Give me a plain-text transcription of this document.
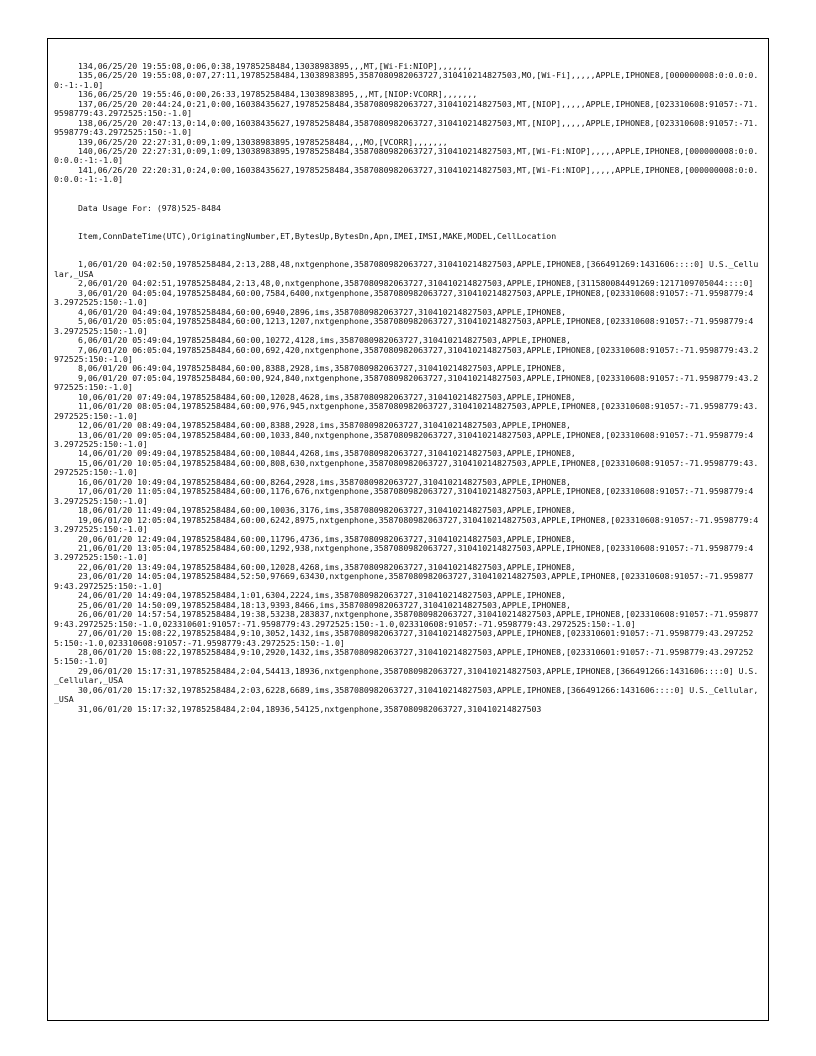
134,06/25/20 19:55:08,0:06,0:38,19785258484,13038983895,,,MT,[Wi-Fi:NIOP],,,,,,,
135,06/25/20 19:55:08,0:07,27:11,19785258484,13038983895,3587080982063727,310410214827503,MO,[Wi-Fi],,,,,APPLE,IPHONE8,[000000008:0:0.0:0.0:-1:-1.0]
136,06/25/20 19:55:46,0:00,26:33,19785258484,13038983895,,,MT,[NIOP:VCORR],,,,,,,
137,06/25/20 20:44:24,0:21,0:00,16038435627,19785258484,3587080982063727,310410214827503,MT,[NIOP],,,,,APPLE,IPHONE8,[023310608:91057:-71.9598779:43.2972525:150:-1.0]
138,06/25/20 20:47:13,0:14,0:00,16038435627,19785258484,3587080982063727,310410214827503,MT,[NIOP],,,,,APPLE,IPHONE8,[023310608:91057:-71.9598779:43.2972525:150:-1.0]
139,06/25/20 22:27:31,0:09,1:09,13038983895,19785258484,,,MO,[VCORR],,,,,,,
140,06/25/20 22:27:31,0:09,1:09,13038983895,19785258484,3587080982063727,310410214827503,MT,[Wi-Fi:NIOP],,,,,APPLE,IPHONE8,[000000008:0:0.0:0.0:-1:-1.0]
141,06/26/20 22:20:31,0:24,0:00,16038435627,19785258484,3587080982063727,310410214827503,MT,[Wi-Fi:NIOP],,,,,APPLE,IPHONE8,[000000008:0:0.0:0.0:-1:-1.0]

Data Usage For: (978)525-8484

Item,ConnDateTime(UTC),OriginatingNumber,ET,BytesUp,BytesDn,Apn,IMEI,IMSI,MAKE,MODEL,CellLocation

1,06/01/20 04:02:50,19785258484,2:13,288,48,nxtgenphone,3587080982063727,310410214827503,APPLE,IPHONE8,[366491269:1431606::::0] U.S._Cellular,_USA
2,06/01/20 04:02:51,19785258484,2:13,48,0,nxtgenphone,3587080982063727,310410214827503,APPLE,IPHONE8,[311580084491269:1217109705044::::0]
3,06/01/20 04:05:04,19785258484,60:00,7584,6400,nxtgenphone,3587080982063727,310410214827503,APPLE,IPHONE8,[023310608:91057:-71.9598779:43.2972525:150:-1.0]
4,06/01/20 04:49:04,19785258484,60:00,6940,2896,ims,3587080982063727,310410214827503,APPLE,IPHONE8,
5,06/01/20 05:05:04,19785258484,60:00,1213,1207,nxtgenphone,3587080982063727,310410214827503,APPLE,IPHONE8,[023310608:91057:-71.9598779:43.2972525:150:-1.0]
6,06/01/20 05:49:04,19785258484,60:00,10272,4128,ims,3587080982063727,310410214827503,APPLE,IPHONE8,
7,06/01/20 06:05:04,19785258484,60:00,692,420,nxtgenphone,3587080982063727,310410214827503,APPLE,IPHONE8,[023310608:91057:-71.9598779:43.2972525:150:-1.0]
8,06/01/20 06:49:04,19785258484,60:00,8388,2928,ims,3587080982063727,310410214827503,APPLE,IPHONE8,
9,06/01/20 07:05:04,19785258484,60:00,924,840,nxtgenphone,3587080982063727,310410214827503,APPLE,IPHONE8,[023310608:91057:-71.9598779:43.2972525:150:-1.0]
10,06/01/20 07:49:04,19785258484,60:00,12028,4628,ims,3587080982063727,310410214827503,APPLE,IPHONE8,
11,06/01/20 08:05:04,19785258484,60:00,976,945,nxtgenphone,3587080982063727,310410214827503,APPLE,IPHONE8,[023310608:91057:-71.9598779:43.2972525:150:-1.0]
12,06/01/20 08:49:04,19785258484,60:00,8388,2928,ims,3587080982063727,310410214827503,APPLE,IPHONE8,
13,06/01/20 09:05:04,19785258484,60:00,1033,840,nxtgenphone,3587080982063727,310410214827503,APPLE,IPHONE8,[023310608:91057:-71.9598779:43.2972525:150:-1.0]
14,06/01/20 09:49:04,19785258484,60:00,10844,4268,ims,3587080982063727,310410214827503,APPLE,IPHONE8,
15,06/01/20 10:05:04,19785258484,60:00,808,630,nxtgenphone,3587080982063727,310410214827503,APPLE,IPHONE8,[023310608:91057:-71.9598779:43.2972525:150:-1.0]
16,06/01/20 10:49:04,19785258484,60:00,8264,2928,ims,3587080982063727,310410214827503,APPLE,IPHONE8,
17,06/01/20 11:05:04,19785258484,60:00,1176,676,nxtgenphone,3587080982063727,310410214827503,APPLE,IPHONE8,[023310608:91057:-71.9598779:43.2972525:150:-1.0]
18,06/01/20 11:49:04,19785258484,60:00,10036,3176,ims,3587080982063727,310410214827503,APPLE,IPHONE8,
19,06/01/20 12:05:04,19785258484,60:00,6242,8975,nxtgenphone,3587080982063727,310410214827503,APPLE,IPHONE8,[023310608:91057:-71.9598779:43.2972525:150:-1.0]
20,06/01/20 12:49:04,19785258484,60:00,11796,4736,ims,3587080982063727,310410214827503,APPLE,IPHONE8,
21,06/01/20 13:05:04,19785258484,60:00,1292,938,nxtgenphone,3587080982063727,310410214827503,APPLE,IPHONE8,[023310608:91057:-71.9598779:43.2972525:150:-1.0]
22,06/01/20 13:49:04,19785258484,60:00,12028,4268,ims,3587080982063727,310410214827503,APPLE,IPHONE8,
23,06/01/20 14:05:04,19785258484,52:50,97669,63430,nxtgenphone,3587080982063727,310410214827503,APPLE,IPHONE8,[023310608:91057:-71.9598779:43.2972525:150:-1.0]
24,06/01/20 14:49:04,19785258484,1:01,6304,2224,ims,3587080982063727,310410214827503,APPLE,IPHONE8,
25,06/01/20 14:50:09,19785258484,18:13,9393,8466,ims,3587080982063727,310410214827503,APPLE,IPHONE8,
26,06/01/20 14:57:54,19785258484,19:38,53238,283837,nxtgenphone,3587080982063727,310410214827503,APPLE,IPHONE8,[023310608:91057:-71.9598779:43.2972525:150:-1.0,023310601:91057:-71.9598779:43.2972525:150:-1.0,023310608:91057:-71.9598779:43.2972525:150:-1.0]
27,06/01/20 15:08:22,19785258484,9:10,3052,1432,ims,3587080982063727,310410214827503,APPLE,IPHONE8,[023310601:91057:-71.9598779:43.2972525:150:-1.0,023310608:91057:-71.9598779:43.2972525:150:-1.0]
28,06/01/20 15:08:22,19785258484,9:10,2920,1432,ims,3587080982063727,310410214827503,APPLE,IPHONE8,[023310601:91057:-71.9598779:43.2972525:150:-1.0]
29,06/01/20 15:17:31,19785258484,2:04,54413,18936,nxtgenphone,3587080982063727,310410214827503,APPLE,IPHONE8,[366491266:1431606::::0] U.S._Cellular,_USA
30,06/01/20 15:17:32,19785258484,2:03,6228,6689,ims,3587080982063727,310410214827503,APPLE,IPHONE8,[366491266:1431606::::0] U.S._Cellular,_USA
31,06/01/20 15:17:32,19785258484,2:04,18936,54125,nxtgenphone,3587080982063727,310410214827503
